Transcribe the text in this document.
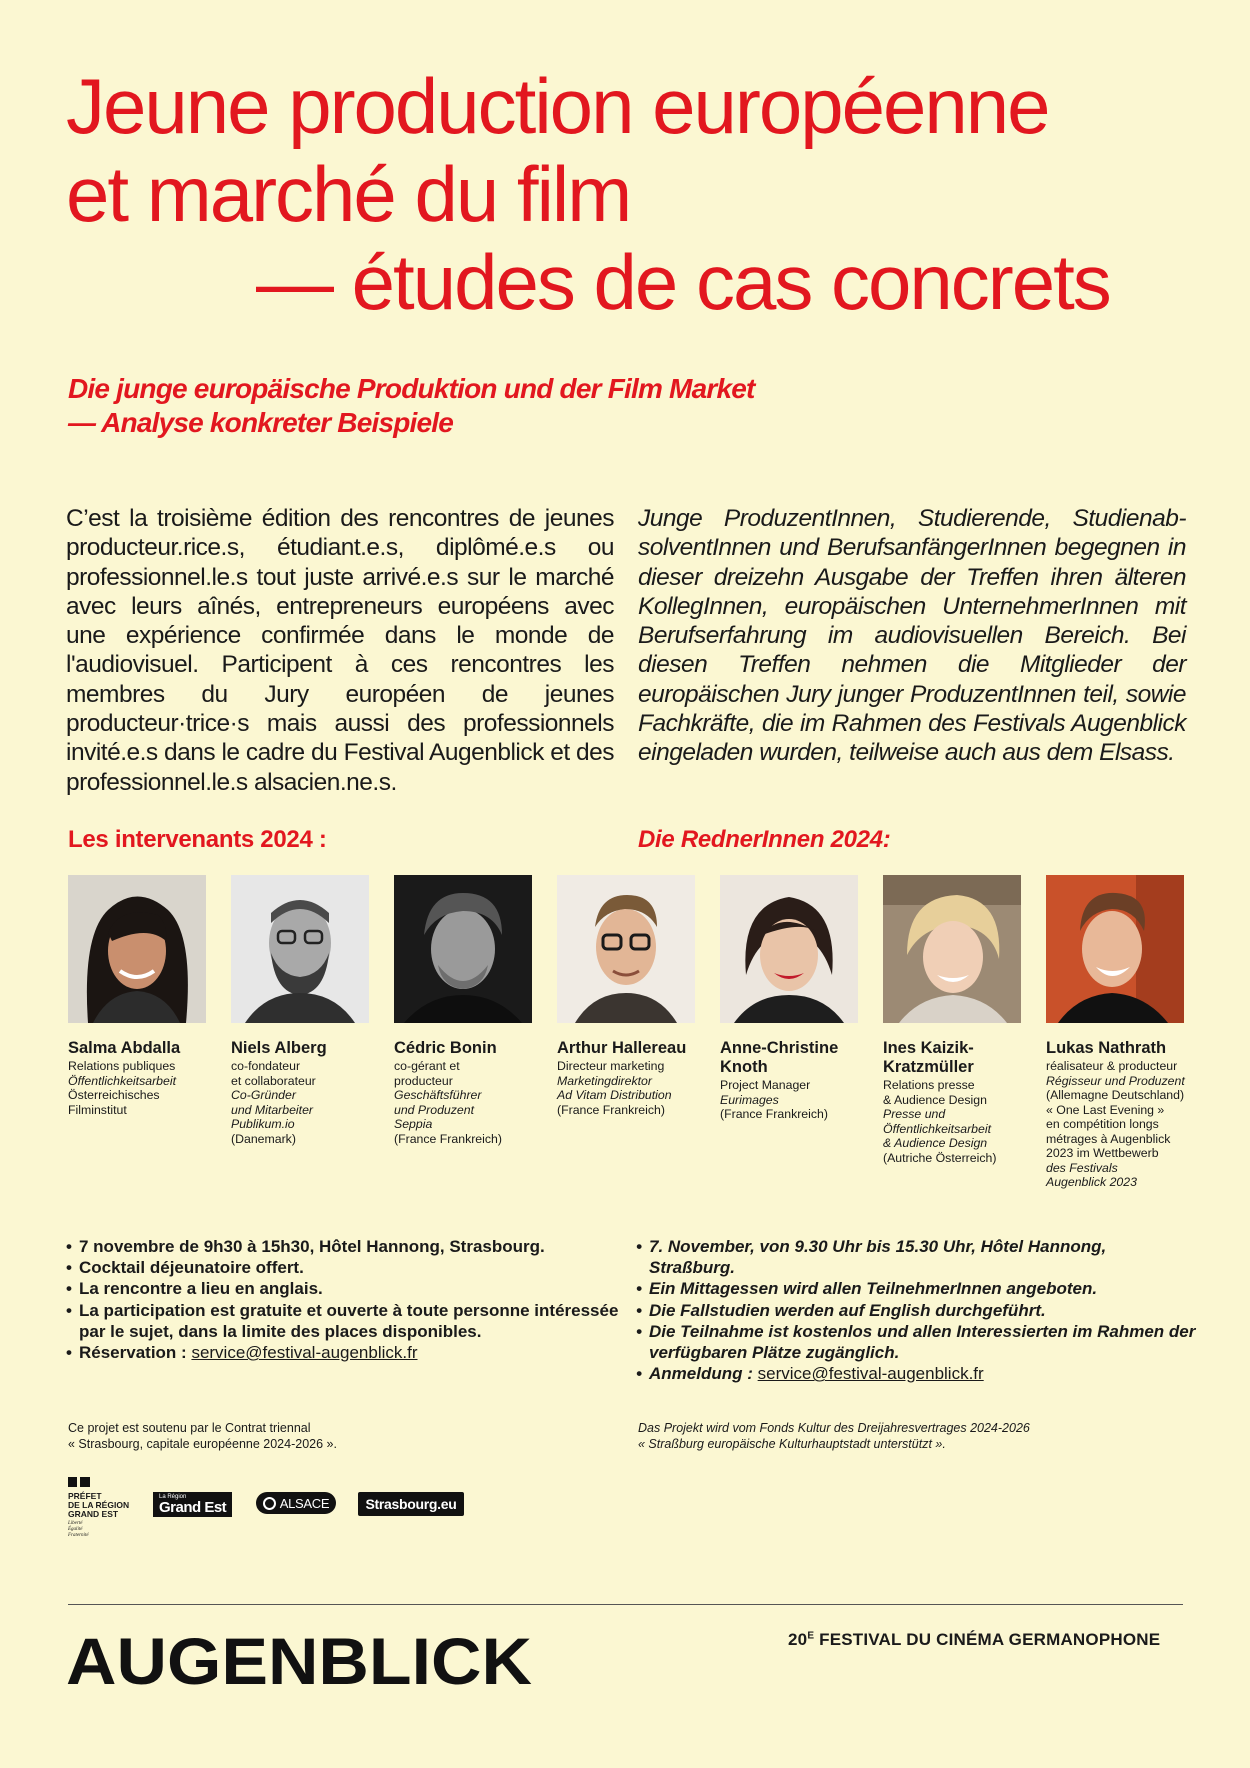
Jeune production européenne
et marché du film
— études de cas concrets
Die junge europäische Produktion und der Film Market
— Analyse konkreter Beispiele

C’est la troisième édition des rencontres de jeunes producteur.rice.s, étudiant.e.s, diplômé.e.s ou professionnel.le.s tout juste arrivé.e.s sur le marché avec leurs aînés, entrepreneurs européens avec une expérience confirmée dans le monde de l'audiovisuel. Participent à ces rencontres les membres du Jury européen de jeunes producteur·trice·s mais aussi des professionnels invité.e.s dans le cadre du Festival Augenblick et des professionnel.le.s alsacien.ne.s.

Junge ProduzentInnen, Studierende, Studienab- solventInnen und BerufsanfängerInnen begegnen in dieser dreizehn Ausgabe der Treffen ihren älteren KollegInnen, europäischen UnternehmerInnen mit Berufserfahrung im audiovisuellen Bereich. Bei diesen Treffen nehmen die Mitglieder der europäischen Jury junger ProduzentInnen teil, sowie Fachkräfte, die im Rahmen des Festivals Augenblick eingeladen wurden, teilweise auch aus dem Elsass.

Les intervenants 2024 :	Die RednerInnen 2024:
Salma Abdalla
Relations publiques
Öffentlichkeitsarbeit
Österreichisches
Filminstitut
Niels Alberg
co-fondateur
et collaborateur
Co-Gründer
und Mitarbeiter
Publikum.io
(Danemark)
Cédric Bonin
co-gérant et
producteur
Geschäftsführer
und Produzent
Seppia
(France Frankreich)
Arthur Hallereau
Directeur marketing
Marketingdirektor
Ad Vitam Distribution
(France Frankreich)
Anne-Christine Knoth
Project Manager
Eurimages
(France Frankreich)
Ines Kaizik-
Kratzmüller
Relations presse
& Audience Design
Presse und
Öffentlichkeitsarbeit
& Audience Design
(Autriche Österreich)
Lukas Nathrath
réalisateur & producteur
Régisseur und Produzent
(Allemagne Deutschland)
« One Last Evening »
en compétition longs
métrages à Augenblick
2023 im Wettbewerb
des Festivals
Augenblick 2023
• 7 novembre de 9h30 à 15h30, Hôtel Hannong, Strasbourg.
• Cocktail déjeunatoire offert.
• La rencontre a lieu en anglais.
• La participation est gratuite et ouverte à toute personne intéressée par le sujet, dans la limite des places disponibles.
• Réservation : service@festival-augenblick.fr
• 7. November, von 9.30 Uhr bis 15.30 Uhr, Hôtel Hannong, Straßburg.
• Ein Mittagessen wird allen TeilnehmerInnen angeboten.
• Die Fallstudien werden auf English durchgeführt.
• Die Teilnahme ist kostenlos und allen Interessierten im Rahmen der verfügbaren Plätze zugänglich.
• Anmeldung : service@festival-augenblick.fr
Ce projet est soutenu par le Contrat triennal
« Strasbourg, capitale européenne 2024-2026 ».
Das Projekt wird vom Fonds Kultur des Dreijahresvertrages 2024-2026
« Straßburg europäische Kulturhauptstadt unterstützt ».
PRÉFET
DE LA RÉGION
GRAND EST
Liberté
Égalité
Fraternité
La Région
Grand Est	ALSACE	Strasbourg.eu
AUGENBLICK	$20^E$ FESTIVAL DU CINÉMA GERMANOPHONE
